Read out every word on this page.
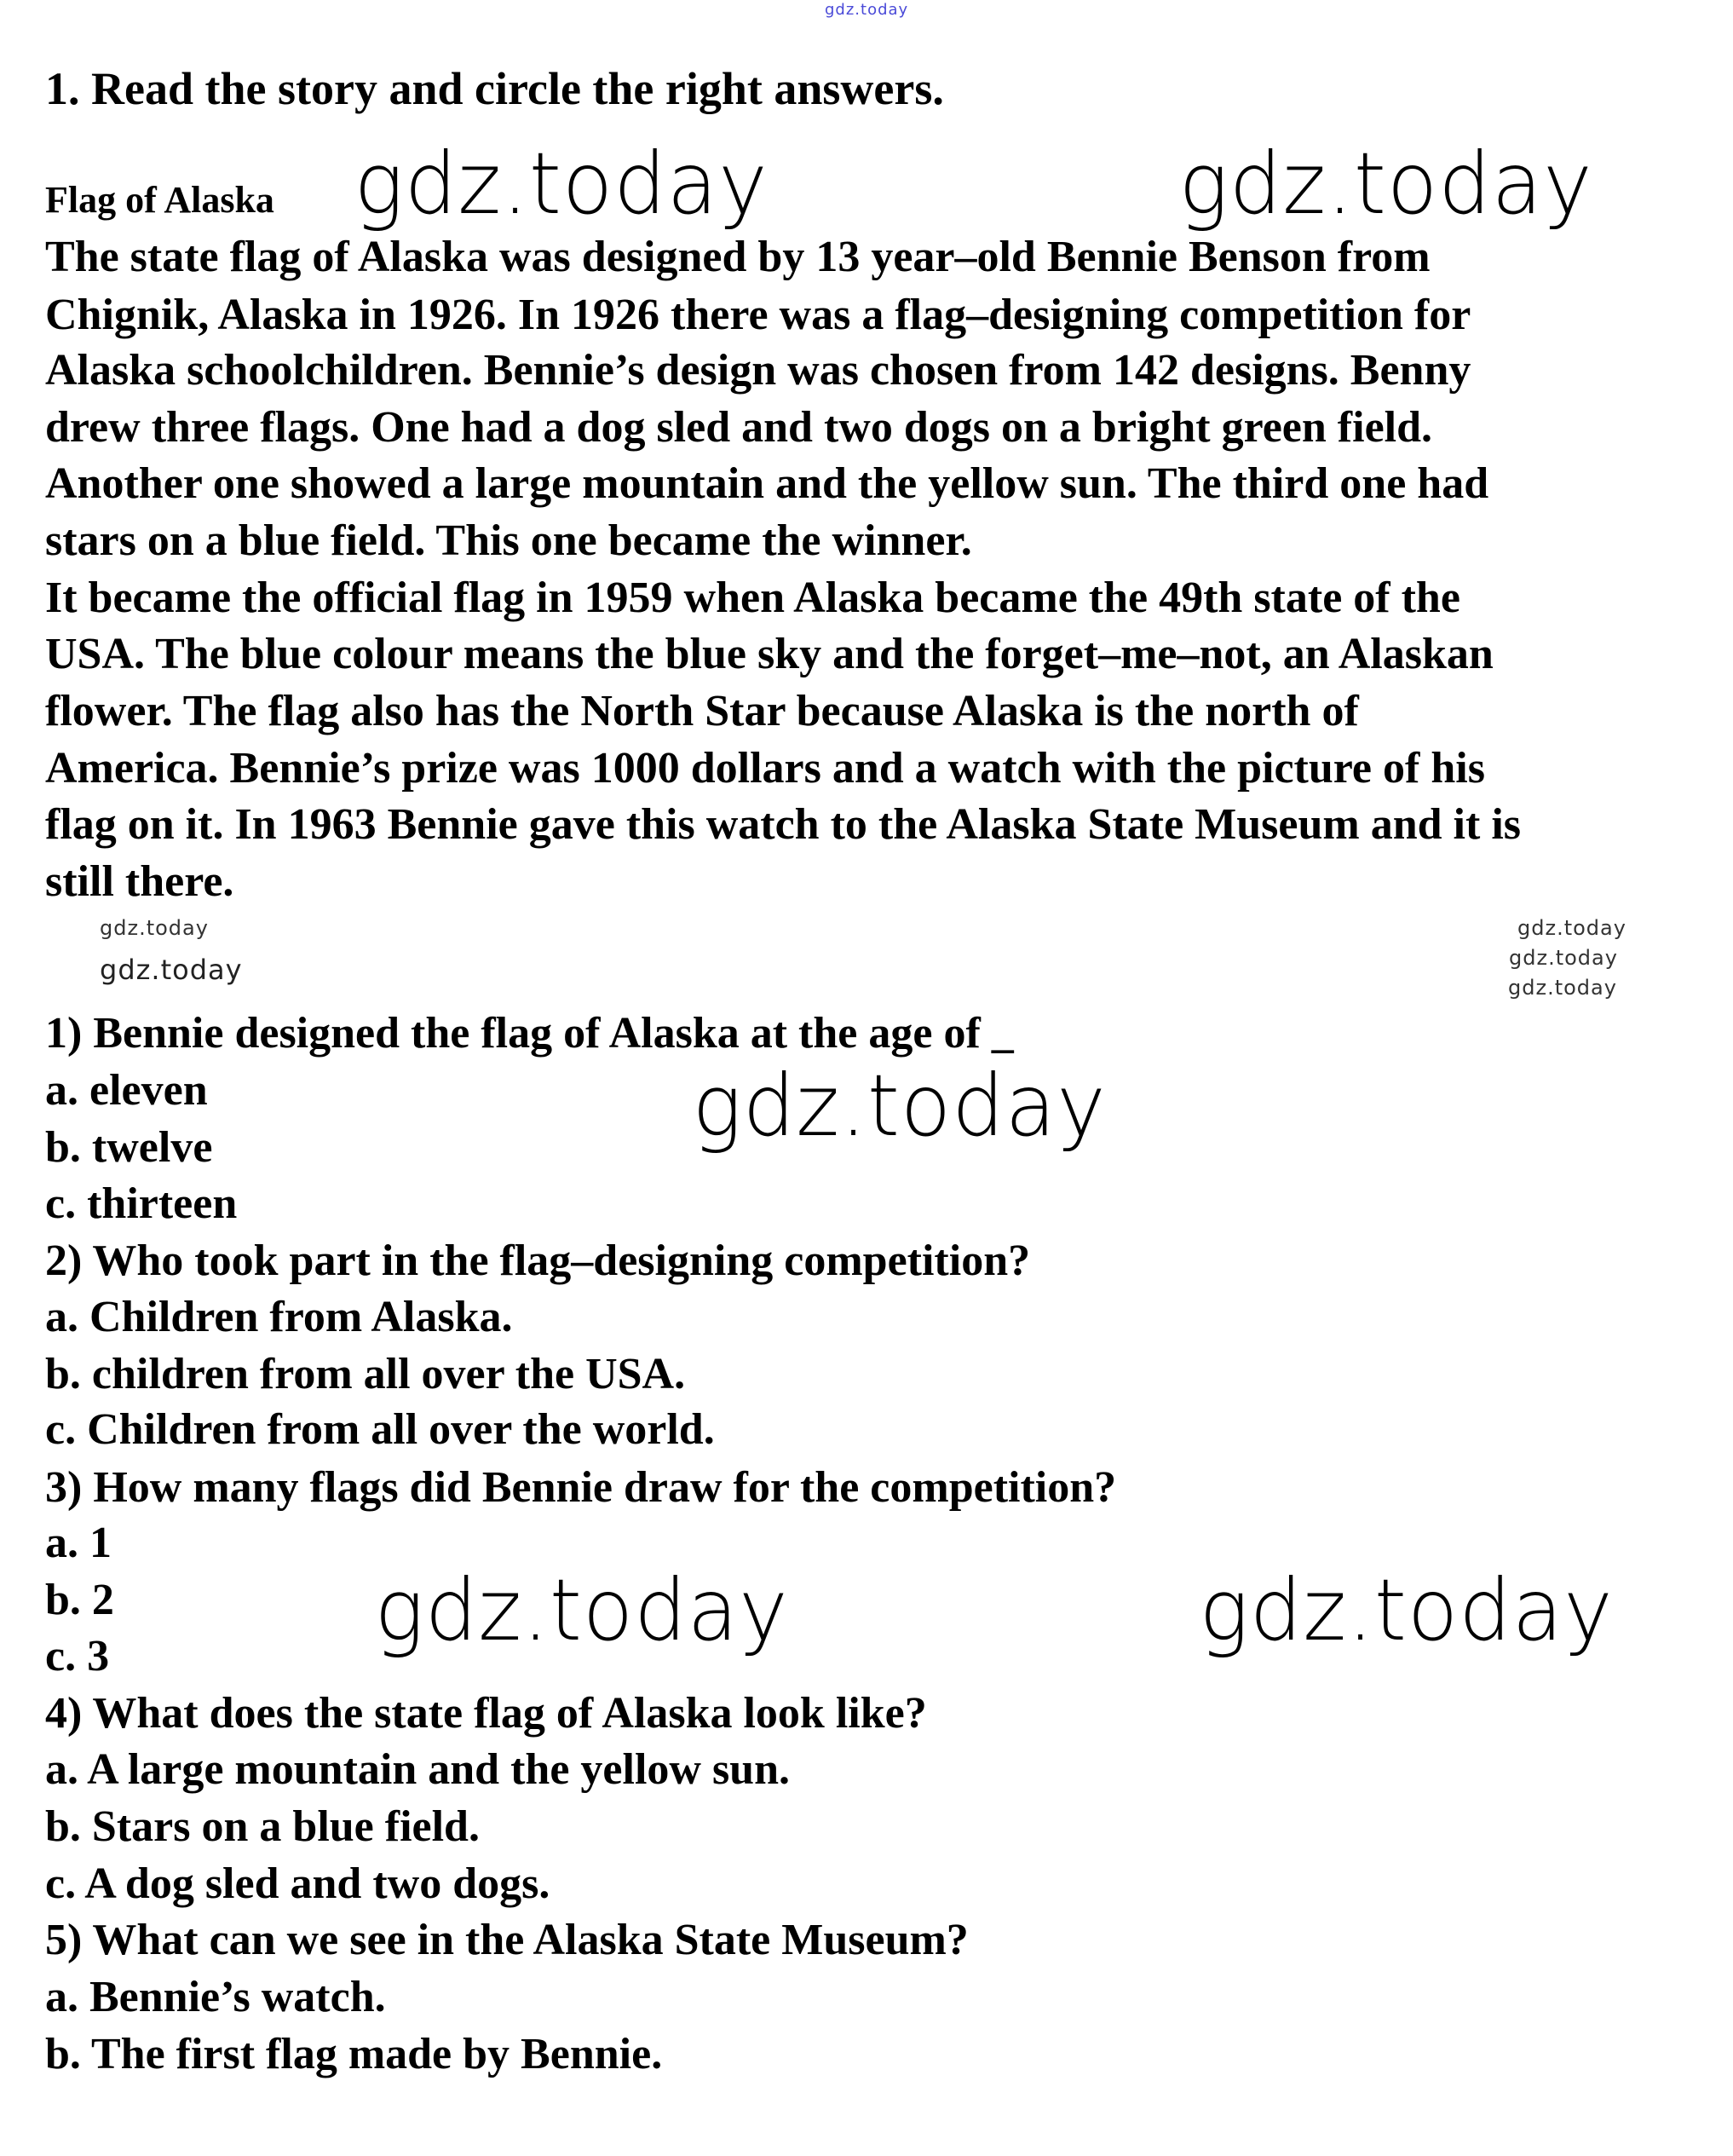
gdz.today
gdz.today	gdz.today
gdz.today	gdz.today
gdz.today
gdz.today
gdz.today
gdz.today
gdz.today	gdz.today
1. Read the story and circle the right answers.
Flag of Alaska
The state flag of Alaska was designed by 13 year–old Bennie Benson from
Chignik, Alaska in 1926. In 1926 there was a flag–designing competition for
Alaska schoolchildren. Bennie’s design was chosen from 142 designs. Benny
drew three flags. One had a dog sled and two dogs on a bright green field.
Another one showed a large mountain and the yellow sun. The third one had
stars on a blue field. This one became the winner.
It became the official flag in 1959 when Alaska became the 49th state of the
USA. The blue colour means the blue sky and the forget–me–not, an Alaskan
flower. The flag also has the North Star because Alaska is the north of
America. Bennie’s prize was 1000 dollars and a watch with the picture of his
flag on it. In 1963 Bennie gave this watch to the Alaska State Museum and it is
still there.
1) Bennie designed the flag of Alaska at the age of _
a. eleven
b. twelve
c. thirteen
2) Who took part in the flag–designing competition?
a. Children from Alaska.
b. children from all over the USA.
c. Children from all over the world.
3) How many flags did Bennie draw for the competition?
a. 1
b. 2
c. 3
4) What does the state flag of Alaska look like?
a. A large mountain and the yellow sun.
b. Stars on a blue field.
c. A dog sled and two dogs.
5) What can we see in the Alaska State Museum?
a. Bennie’s watch.
b. The first flag made by Bennie.
